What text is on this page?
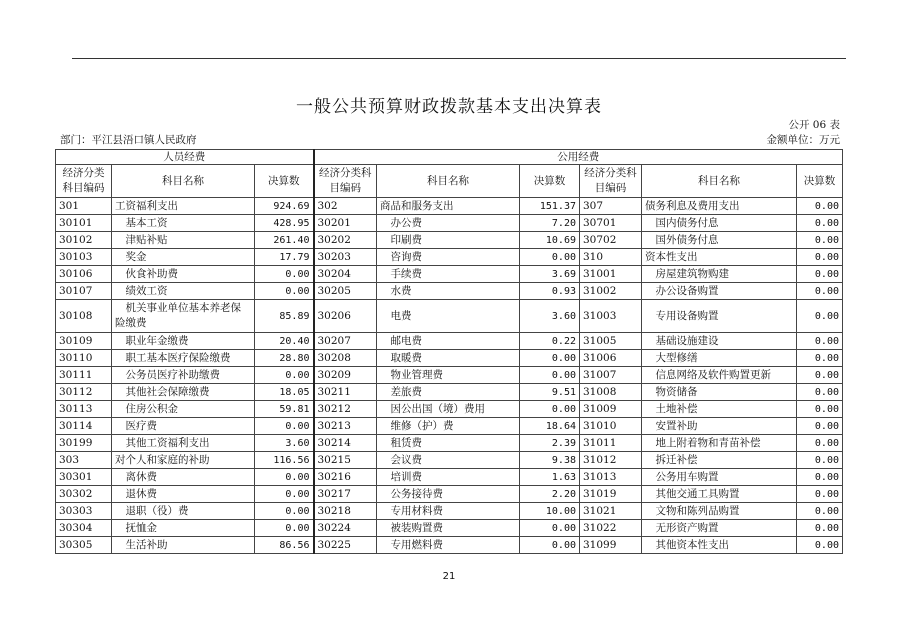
一般公共预算财政拨款基本支出决算表
公开 06 表
部门：平江县浯口镇人民政府	金额单位：万元
人员经费			公用经费					
经济分类科目编码	科目名称	决算数	经济分类科目编码	科目名称	决算数	经济分类科目编码	科目名称	决算数
301	工资福利支出	924.69	302	商品和服务支出	151.37	307	债务利息及费用支出	0.00
30101	　基本工资	428.95	30201	　办公费	7.20	30701	　国内债务付息	0.00
30102	　津贴补贴	261.40	30202	　印刷费	10.69	30702	　国外债务付息	0.00
30103	　奖金	17.79	30203	　咨询费	0.00	310	资本性支出	0.00
30106	　伙食补助费	0.00	30204	　手续费	3.69	31001	　房屋建筑物购建	0.00
30107	　绩效工资	0.00	30205	　水费	0.93	31002	　办公设备购置	0.00
30108	　机关事业单位基本养老保险缴费	85.89	30206	　电费	3.60	31003	　专用设备购置	0.00
30109	　职业年金缴费	20.40	30207	　邮电费	0.22	31005	　基础设施建设	0.00
30110	　职工基本医疗保险缴费	28.80	30208	　取暖费	0.00	31006	　大型修缮	0.00
30111	　公务员医疗补助缴费	0.00	30209	　物业管理费	0.00	31007	　信息网络及软件购置更新	0.00
30112	　其他社会保障缴费	18.05	30211	　差旅费	9.51	31008	　物资储备	0.00
30113	　住房公积金	59.81	30212	　因公出国（境）费用	0.00	31009	　土地补偿	0.00
30114	　医疗费	0.00	30213	　维修（护）费	18.64	31010	　安置补助	0.00
30199	　其他工资福利支出	3.60	30214	　租赁费	2.39	31011	　地上附着物和青苗补偿	0.00
303	对个人和家庭的补助	116.56	30215	　会议费	9.38	31012	　拆迁补偿	0.00
30301	　离休费	0.00	30216	　培训费	1.63	31013	　公务用车购置	0.00
30302	　退休费	0.00	30217	　公务接待费	2.20	31019	　其他交通工具购置	0.00
30303	　退职（役）费	0.00	30218	　专用材料费	10.00	31021	　文物和陈列品购置	0.00
30304	　抚恤金	0.00	30224	　被装购置费	0.00	31022	　无形资产购置	0.00
30305	　生活补助	86.56	30225	　专用燃料费	0.00	31099	　其他资本性支出	0.00
21
